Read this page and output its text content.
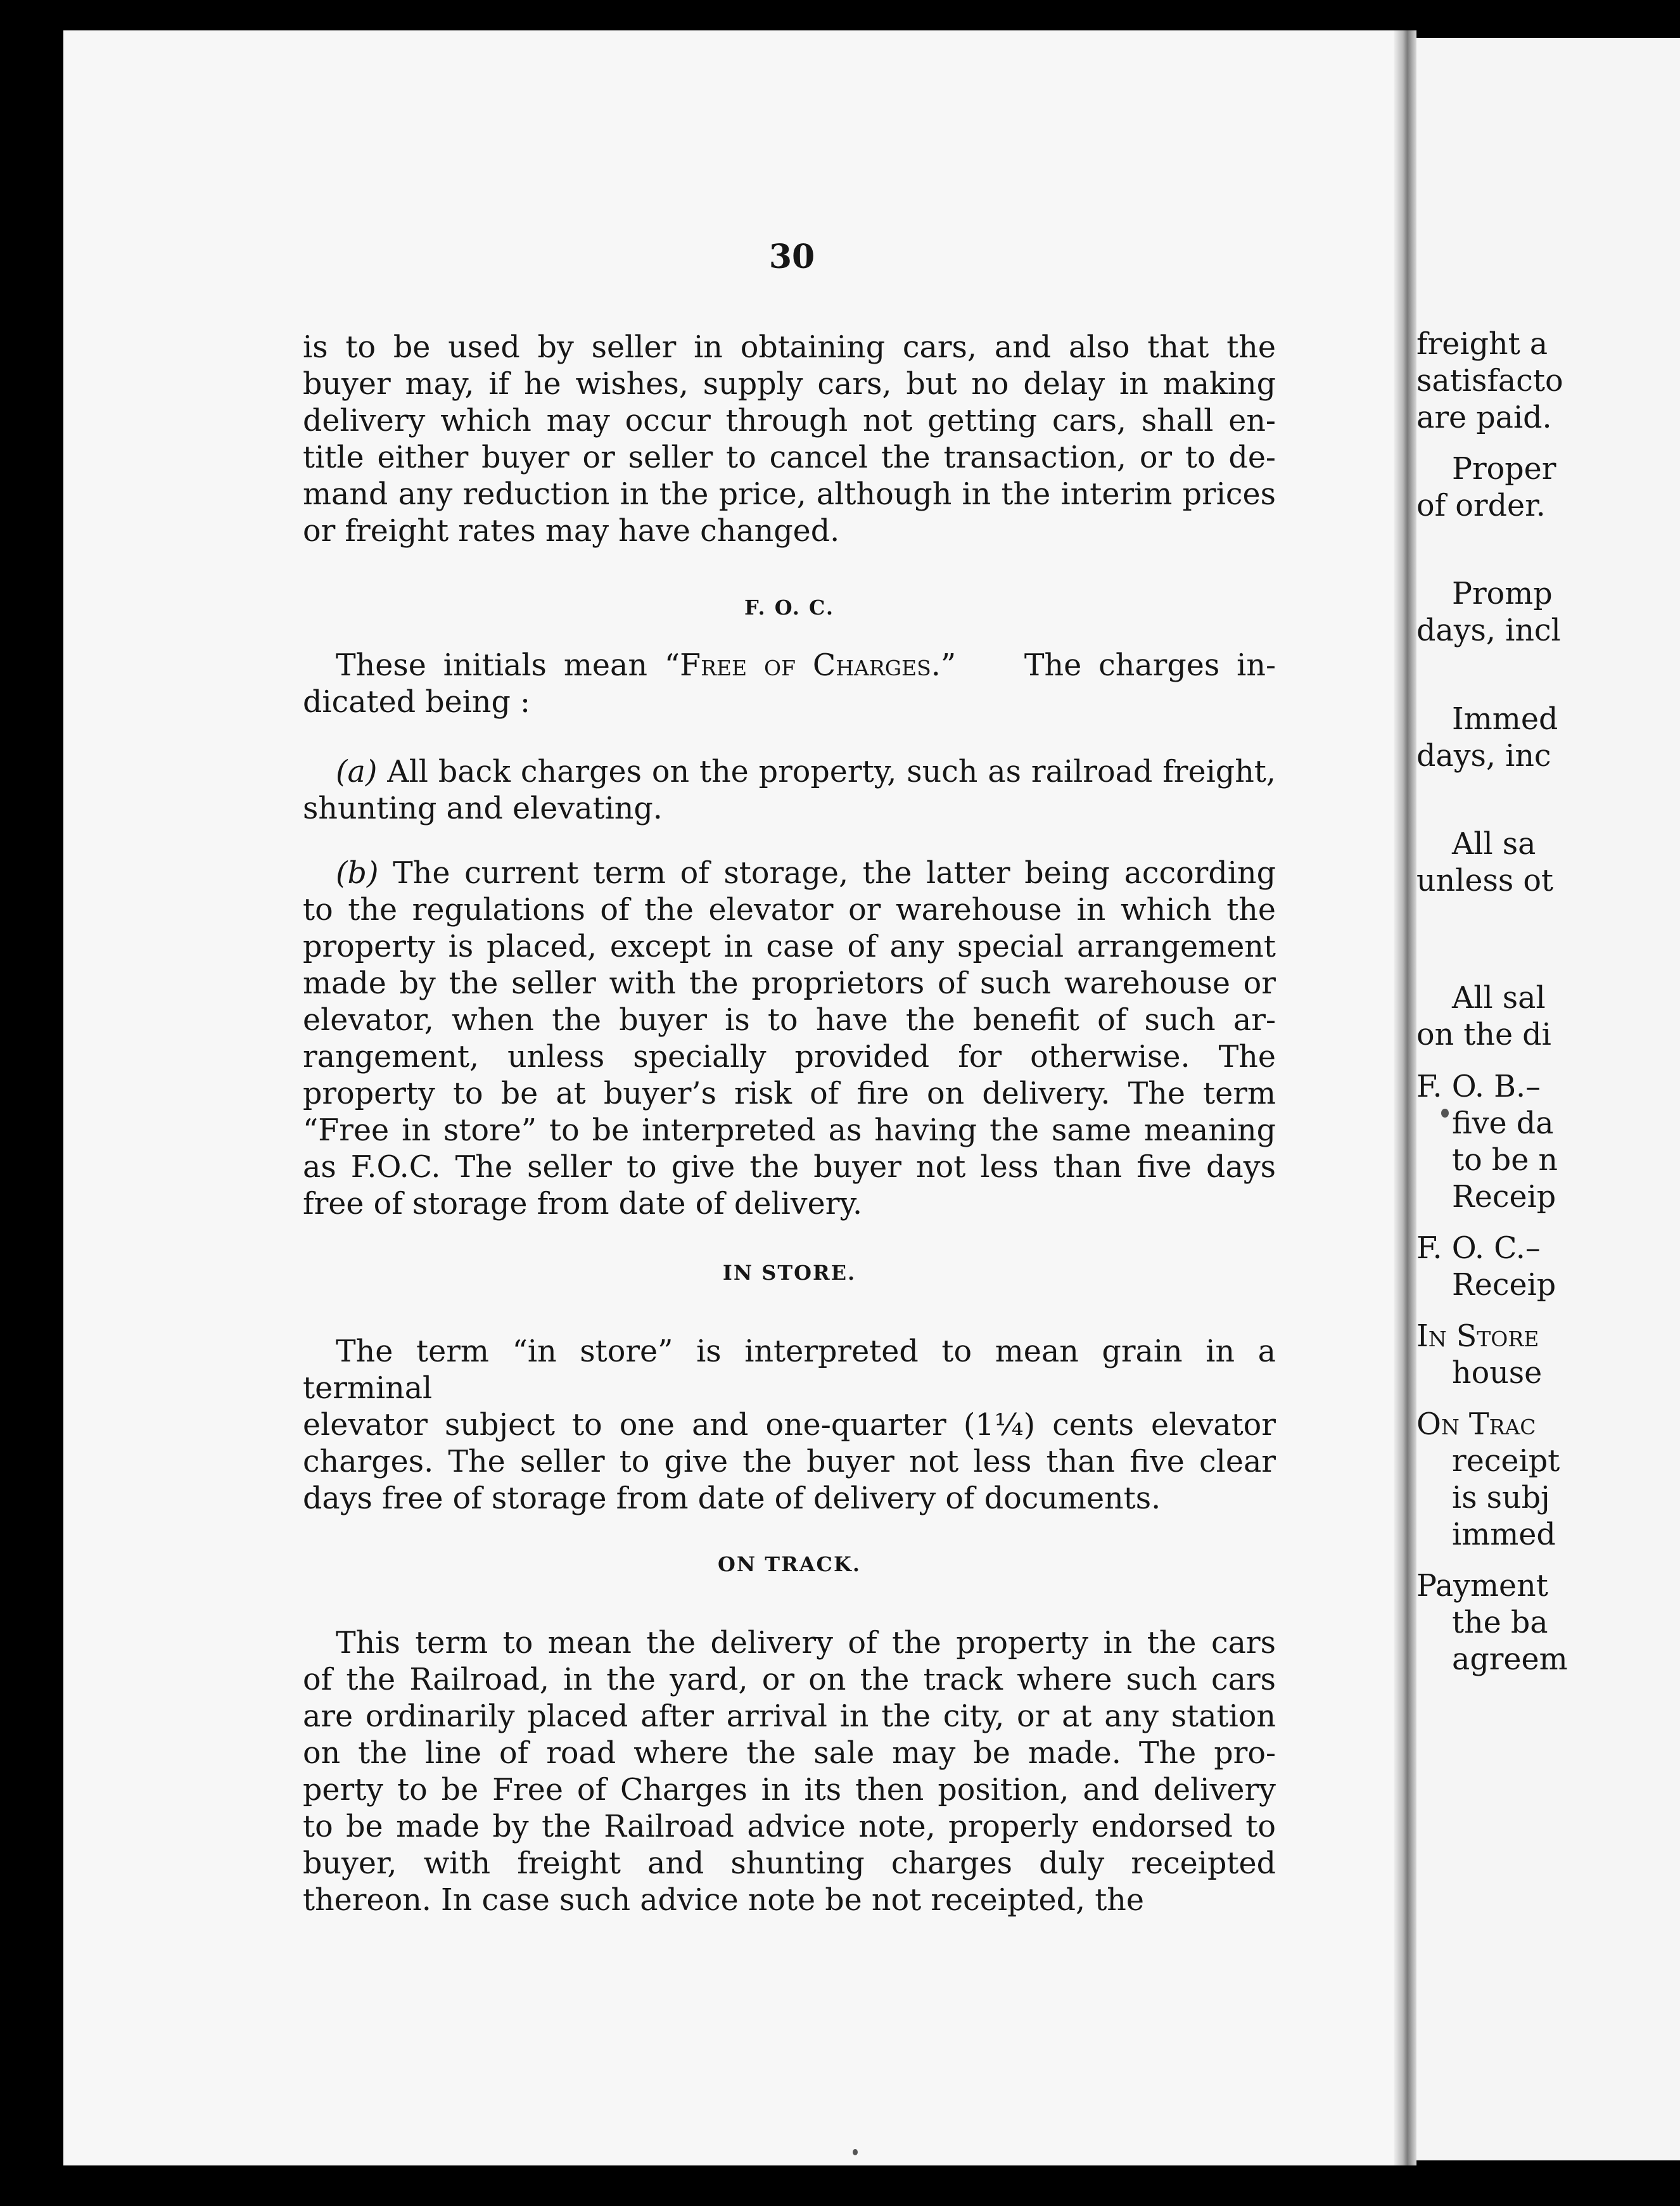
freight a
satisfacto
are paid.
Proper
of order.
Promp
days, incl
Immed
days, inc
All sa
unless ot
All sal
on the di
F. O. B.–
five da
to be n
Receip
F. O. C.–
Receip
In Store
house
On Trac
receipt
is subj
immed
Payment
the ba
agreem
30
is to be used by seller in obtaining cars, and also that the
buyer may, if he wishes, supply cars, but no delay in making
delivery which may occur through not getting cars, shall en-
title either buyer or seller to cancel the transaction, or to de-
mand any reduction in the price, although in the interim prices
or freight rates may have changed.
F. O. C.
These initials mean “Free of Charges.”    The charges in-
dicated being :
(a) All back charges on the property, such as railroad freight,
shunting and elevating.
(b) The current term of storage, the latter being according
to the regulations of the elevator or warehouse in which the
property is placed, except in case of any special arrangement
made by the seller with the proprietors of such warehouse or
elevator, when the buyer is to have the benefit of such ar-
rangement, unless specially provided for otherwise. The
property to be at buyer’s risk of fire on delivery. The term
“Free in store” to be interpreted as having the same meaning
as F.O.C. The seller to give the buyer not less than five days
free of storage from date of delivery.
IN STORE.
The term “in store” is interpreted to mean grain in a terminal
elevator subject to one and one-quarter (1¼) cents elevator
charges. The seller to give the buyer not less than five clear
days free of storage from date of delivery of documents.
ON TRACK.
This term to mean the delivery of the property in the cars
of the Railroad, in the yard, or on the track where such cars
are ordinarily placed after arrival in the city, or at any station
on the line of road where the sale may be made. The pro-
perty to be Free of Charges in its then position, and delivery
to be made by the Railroad advice note, properly endorsed to
buyer, with freight and shunting charges duly receipted
thereon. In case such advice note be not receipted, the
